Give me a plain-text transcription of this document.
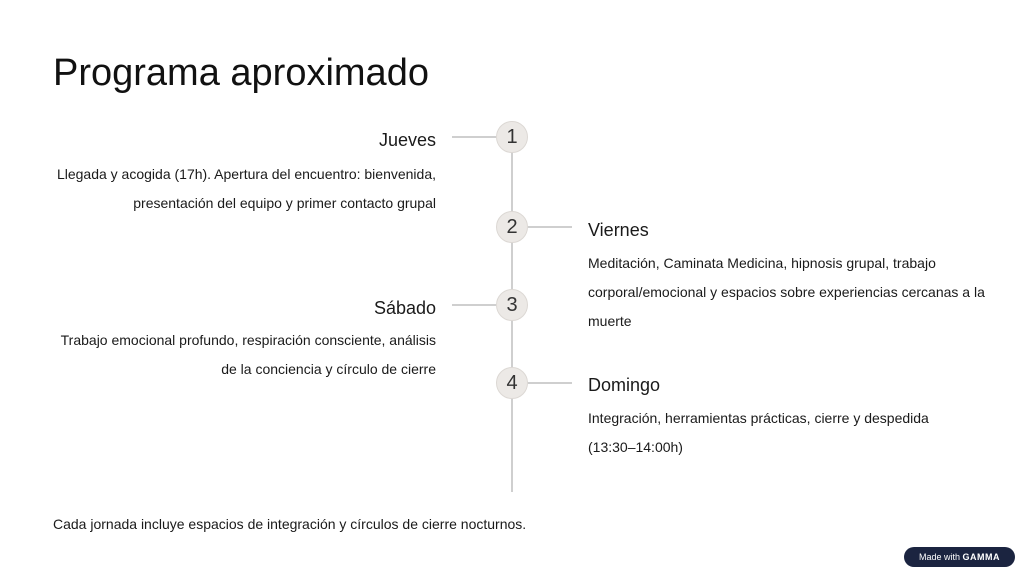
Programa aproximado
1
Jueves
Llegada y acogida (17h). Apertura del encuentro: bienvenida, presentación del equipo y primer contacto grupal
2	Viernes
Meditación, Caminata Medicina, hipnosis grupal, trabajo corporal/emocional y espacios sobre experiencias cercanas a la muerte
3
Sábado
Trabajo emocional profundo, respiración consciente, análisis de la conciencia y círculo de cierre
4	Domingo
Integración, herramientas prácticas, cierre y despedida (13:30–14:00h)
Cada jornada incluye espacios de integración y círculos de cierre nocturnos.
Made with GAMMA
